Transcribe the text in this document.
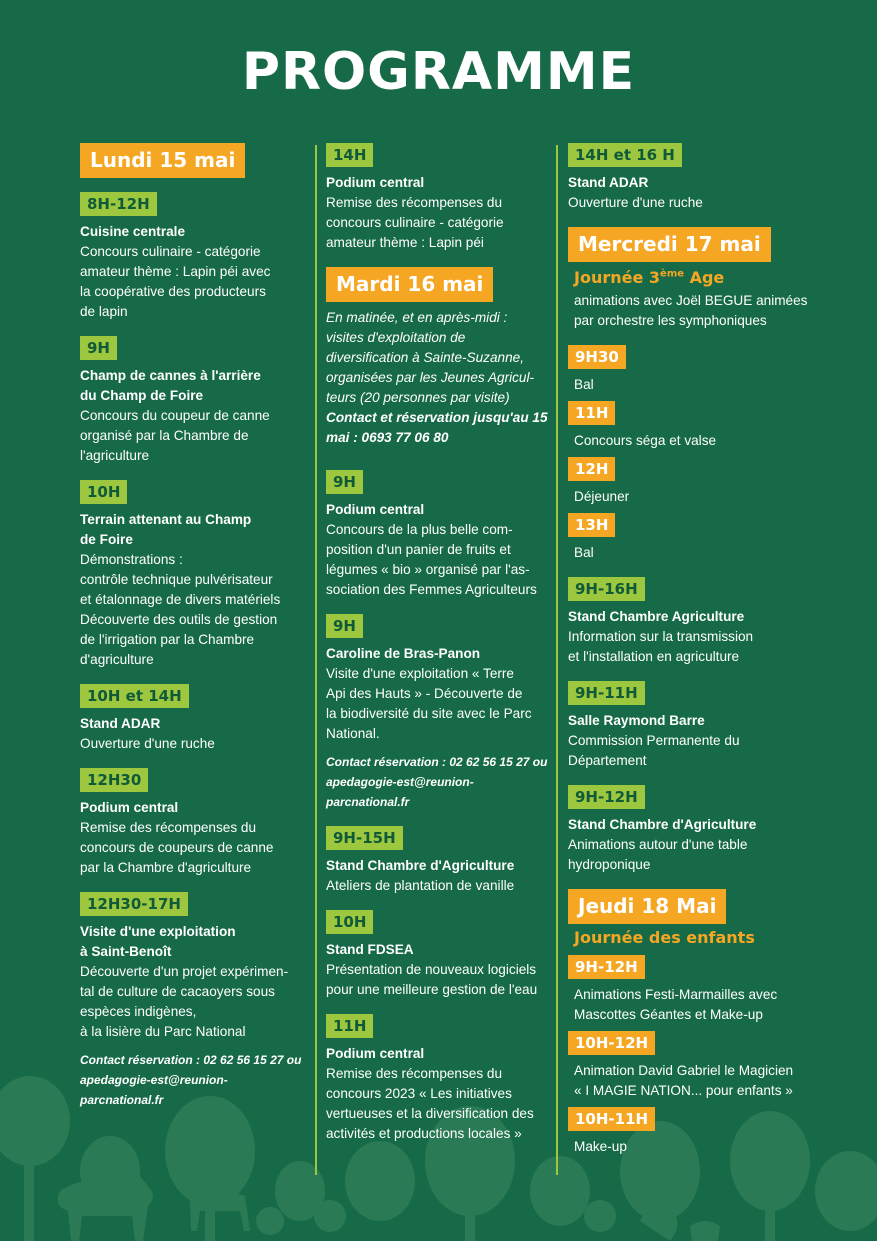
PROGRAMME
Lundi 15 mai
8H-12H
Cuisine centrale
Concours culinaire - catégorie
amateur thème : Lapin péi avec
la coopérative des producteurs
de lapin
9H
Champ de cannes à l'arrière
du Champ de Foire
Concours du coupeur de canne
organisé par la Chambre de
l'agriculture
10H
Terrain attenant au Champ
de Foire
Démonstrations :
contrôle technique pulvérisateur
et étalonnage de divers matériels
Découverte des outils de gestion
de l'irrigation par la Chambre
d'agriculture
10H et 14H
Stand ADAR
Ouverture d'une ruche
12H30
Podium central
Remise des récompenses du
concours de coupeurs de canne
par la Chambre d'agriculture
12H30-17H
Visite d'une exploitation
à Saint-Benoît
Découverte d'un projet expérimen-
tal de culture de cacaoyers sous
espèces indigènes,
à la lisière du Parc National
Contact réservation : 02 62 56 15 27 ou
apedagogie-est@reunion-parcnational.fr
14H
Podium central
Remise des récompenses du
concours culinaire - catégorie
amateur thème : Lapin péi
Mardi 16 mai
En matinée, et en après-midi :
visites d'exploitation de
diversification à Sainte-Suzanne,
organisées par les Jeunes Agricul-
teurs (20 personnes par visite)
Contact et réservation jusqu'au 15
mai : 0693 77 06 80
9H
Podium central
Concours de la plus belle com-
position d'un panier de fruits et
légumes « bio » organisé par l'as-
sociation des Femmes Agriculteurs
9H
Caroline de Bras-Panon
Visite d'une exploitation « Terre
Api des Hauts » - Découverte de
la biodiversité du site avec le Parc
National.
Contact réservation : 02 62 56 15 27 ou
apedagogie-est@reunion-parcnational.fr
9H-15H
Stand Chambre d'Agriculture
Ateliers de plantation de vanille
10H
Stand FDSEA
Présentation de nouveaux logiciels
pour une meilleure gestion de l'eau
11H
Podium central
Remise des récompenses du
concours 2023 « Les initiatives
vertueuses et la diversification des
activités et productions locales »
14H et 16 H
Stand ADAR
Ouverture d'une ruche
Mercredi 17 mai
Journée 3ème Age
animations avec Joël BEGUE animées
par orchestre les symphoniques
9H30
Bal
11H
Concours séga et valse
12H
Déjeuner
13H
Bal
9H-16H
Stand Chambre Agriculture
Information sur la transmission
et l'installation en agriculture
9H-11H
Salle Raymond Barre
Commission Permanente du
Département
9H-12H
Stand Chambre d'Agriculture
Animations autour d'une table
hydroponique
Jeudi 18 Mai
Journée des enfants
9H-12H
Animations Festi-Marmailles avec
Mascottes Géantes et Make-up
10H-12H
Animation David Gabriel le Magicien
« I MAGIE NATION... pour enfants »
10H-11H
Make-up
